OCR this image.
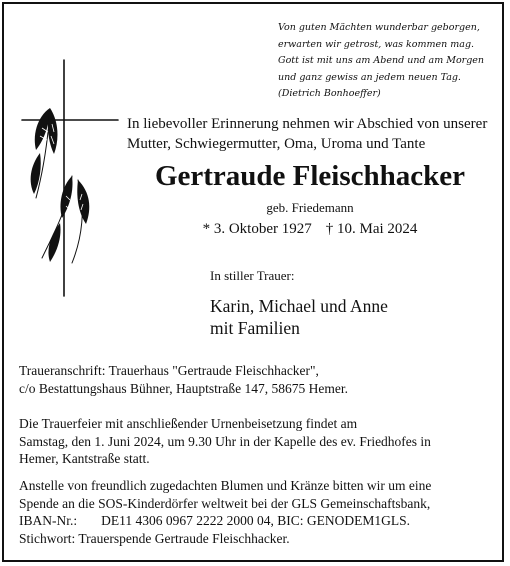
Von guten Mächten wunderbar geborgen,
erwarten wir getrost, was kommen mag.
Gott ist mit uns am Abend und am Morgen
und ganz gewiss an jedem neuen Tag.
(Dietrich Bonhoeffer)
In liebevoller Erinnerung nehmen wir Abschied von unserer
Mutter, Schwiegermutter, Oma, Uroma und Tante
Gertraude Fleischhacker
geb. Friedemann
* 3. Oktober 1927 † 10. Mai 2024
In stiller Trauer:
Karin, Michael und Anne
mit Familien
Traueranschrift: Trauerhaus "Gertraude Fleischhacker",
c/o Bestattungshaus Bühner, Hauptstraße 147, 58675 Hemer.
Die Trauerfeier mit anschließender Urnenbeisetzung findet am
Samstag, den 1. Juni 2024, um 9.30 Uhr in der Kapelle des ev. Friedhofes in
Hemer, Kantstraße statt.
Anstelle von freundlich zugedachten Blumen und Kränze bitten wir um eine
Spende an die SOS-Kinderdörfer weltweit bei der GLS Gemeinschaftsbank,
IBAN-Nr.: DE11 4306 0967 2222 2000 04, BIC: GENODEM1GLS.
Stichwort: Trauerspende Gertraude Fleischhacker.
